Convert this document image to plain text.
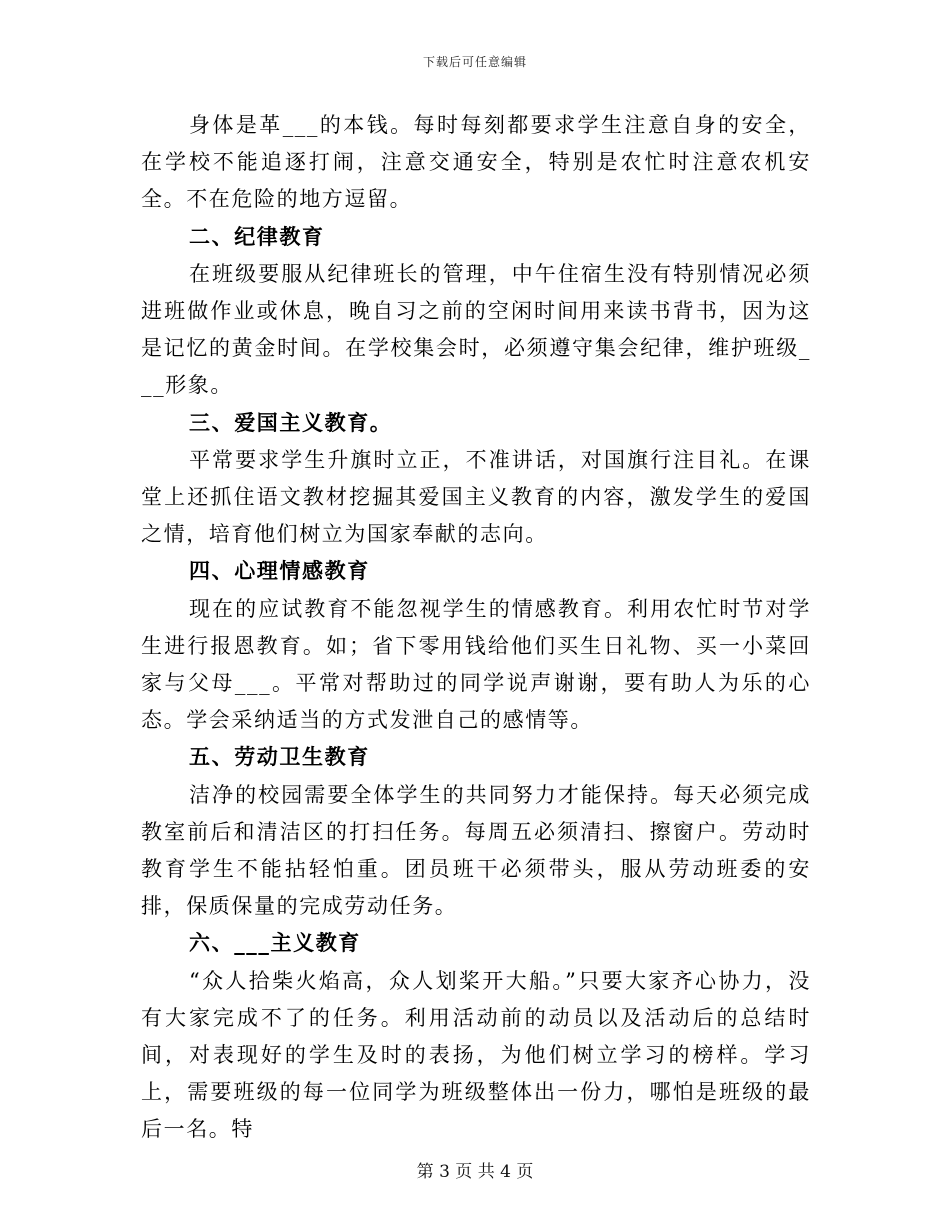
下载后可任意编辑

身体是革___的本钱。每时每刻都要求学生注意自身的安全，在学校不能追逐打闹，注意交通安全，特别是农忙时注意农机安全。不在危险的地方逗留。

二、纪律教育

在班级要服从纪律班长的管理，中午住宿生没有特别情况必须进班做作业或休息，晚自习之前的空闲时间用来读书背书，因为这是记忆的黄金时间。在学校集会时，必须遵守集会纪律，维护班级___形象。

三、爱国主义教育。

平常要求学生升旗时立正，不准讲话，对国旗行注目礼。在课堂上还抓住语文教材挖掘其爱国主义教育的内容，激发学生的爱国之情，培育他们树立为国家奉献的志向。

四、心理情感教育

现在的应试教育不能忽视学生的情感教育。利用农忙时节对学生进行报恩教育。如；省下零用钱给他们买生日礼物、买一小菜回家与父母___。平常对帮助过的同学说声谢谢，要有助人为乐的心态。学会采纳适当的方式发泄自己的感情等。

五、劳动卫生教育

洁净的校园需要全体学生的共同努力才能保持。每天必须完成教室前后和清洁区的打扫任务。每周五必须清扫、擦窗户。劳动时教育学生不能拈轻怕重。团员班干必须带头，服从劳动班委的安排，保质保量的完成劳动任务。

六、___主义教育

“众人拾柴火焰高，众人划桨开大船。”只要大家齐心协力，没有大家完成不了的任务。利用活动前的动员以及活动后的总结时间，对表现好的学生及时的表扬，为他们树立学习的榜样。学习上，需要班级的每一位同学为班级整体出一份力，哪怕是班级的最后一名。特

第 3 页 共 4 页
